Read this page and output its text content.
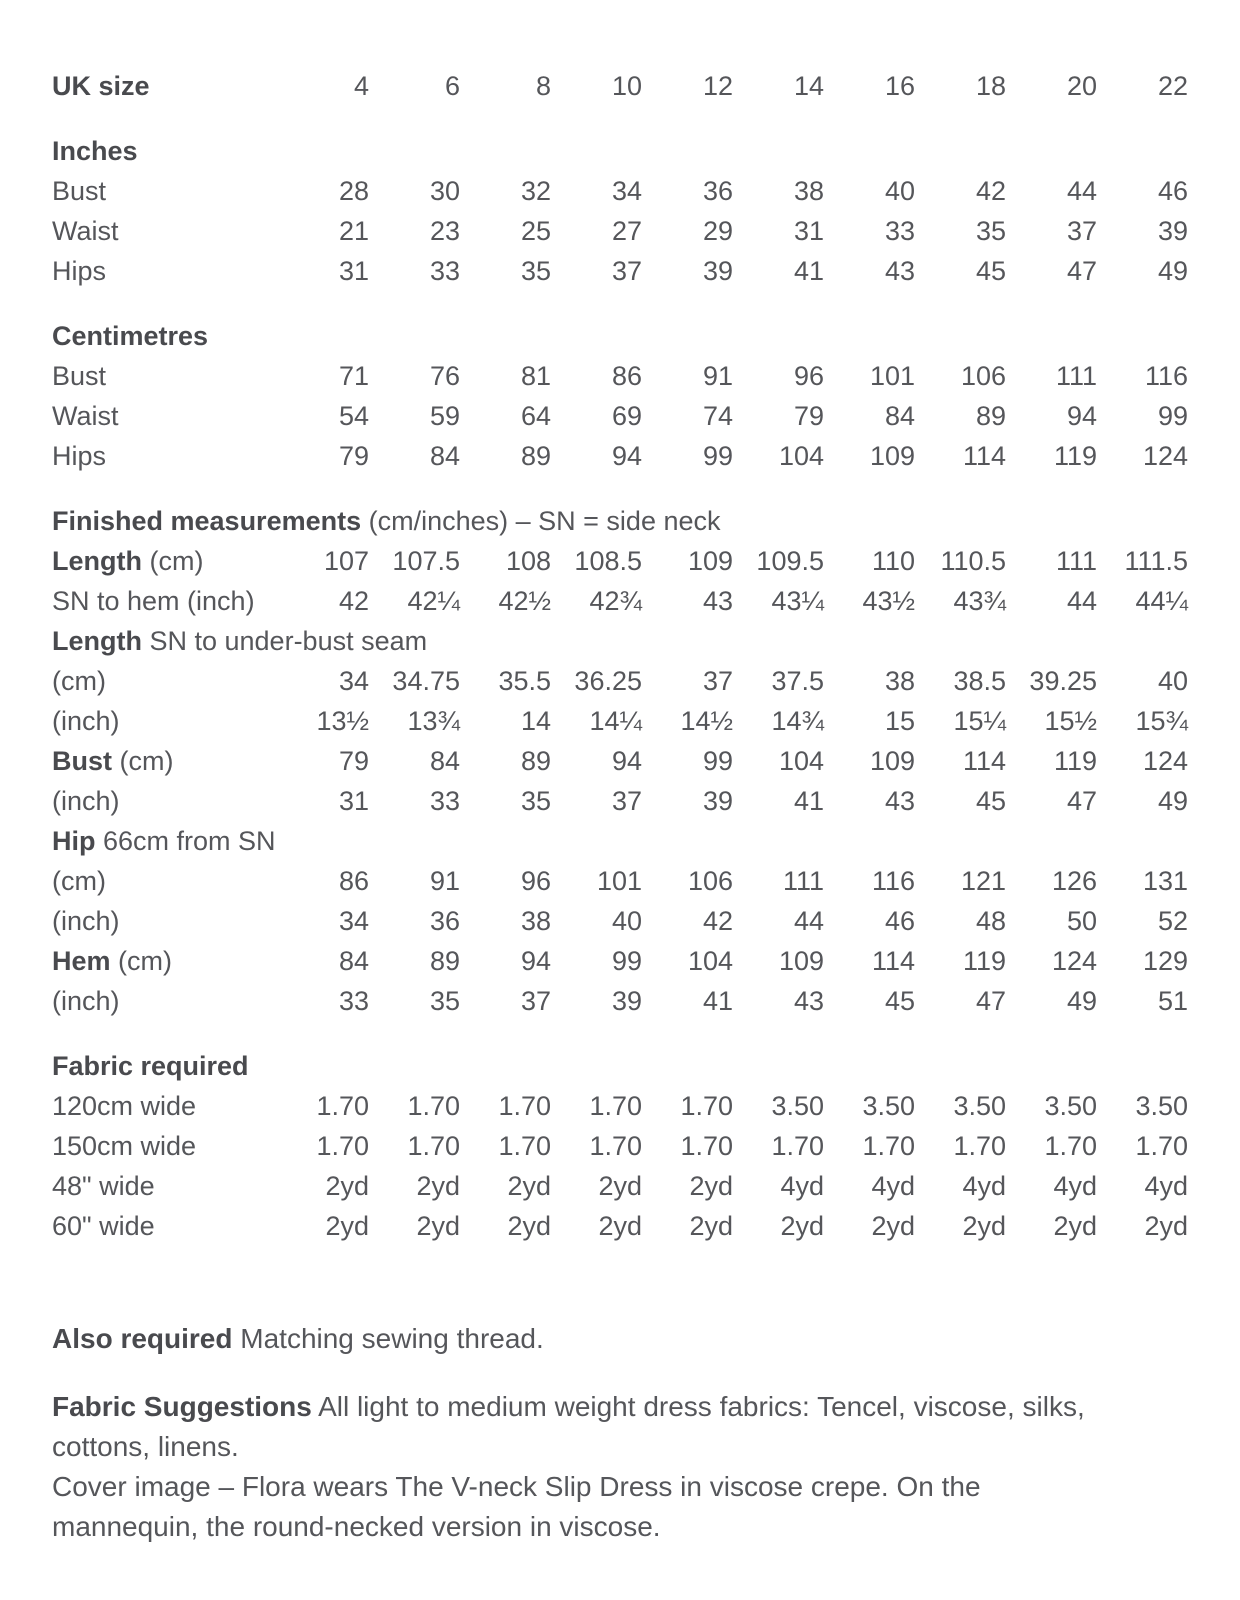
UK size	4	6	8	10	12	14	16	18	20	22
Inches										
Bust	28	30	32	34	36	38	40	42	44	46
Waist	21	23	25	27	29	31	33	35	37	39
Hips	31	33	35	37	39	41	43	45	47	49
Centimetres										
Bust	71	76	81	86	91	96	101	106	111	116
Waist	54	59	64	69	74	79	84	89	94	99
Hips	79	84	89	94	99	104	109	114	119	124
Finished measurements (cm/inches) – SN = side neck										
Length (cm)	107	107.5	108	108.5	109	109.5	110	110.5	111	111.5
SN to hem (inch)	42	42¼	42½	42¾	43	43¼	43½	43¾	44	44¼
Length SN to under-bust seam										
(cm)	34	34.75	35.5	36.25	37	37.5	38	38.5	39.25	40
(inch)	13½	13¾	14	14¼	14½	14¾	15	15¼	15½	15¾
Bust (cm)	79	84	89	94	99	104	109	114	119	124
(inch)	31	33	35	37	39	41	43	45	47	49
Hip 66cm from SN										
(cm)	86	91	96	101	106	111	116	121	126	131
(inch)	34	36	38	40	42	44	46	48	50	52
Hem (cm)	84	89	94	99	104	109	114	119	124	129
(inch)	33	35	37	39	41	43	45	47	49	51
Fabric required										
120cm wide	1.70	1.70	1.70	1.70	1.70	3.50	3.50	3.50	3.50	3.50
150cm wide	1.70	1.70	1.70	1.70	1.70	1.70	1.70	1.70	1.70	1.70
48" wide	2yd	2yd	2yd	2yd	2yd	4yd	4yd	4yd	4yd	4yd
60" wide	2yd	2yd	2yd	2yd	2yd	2yd	2yd	2yd	2yd	2yd

Also required Matching sewing thread.

Fabric Suggestions All light to medium weight dress fabrics: Tencel, viscose, silks,
cottons, linens.

Cover image – Flora wears The V-neck Slip Dress in viscose crepe. On the
mannequin, the round-necked version in viscose.
